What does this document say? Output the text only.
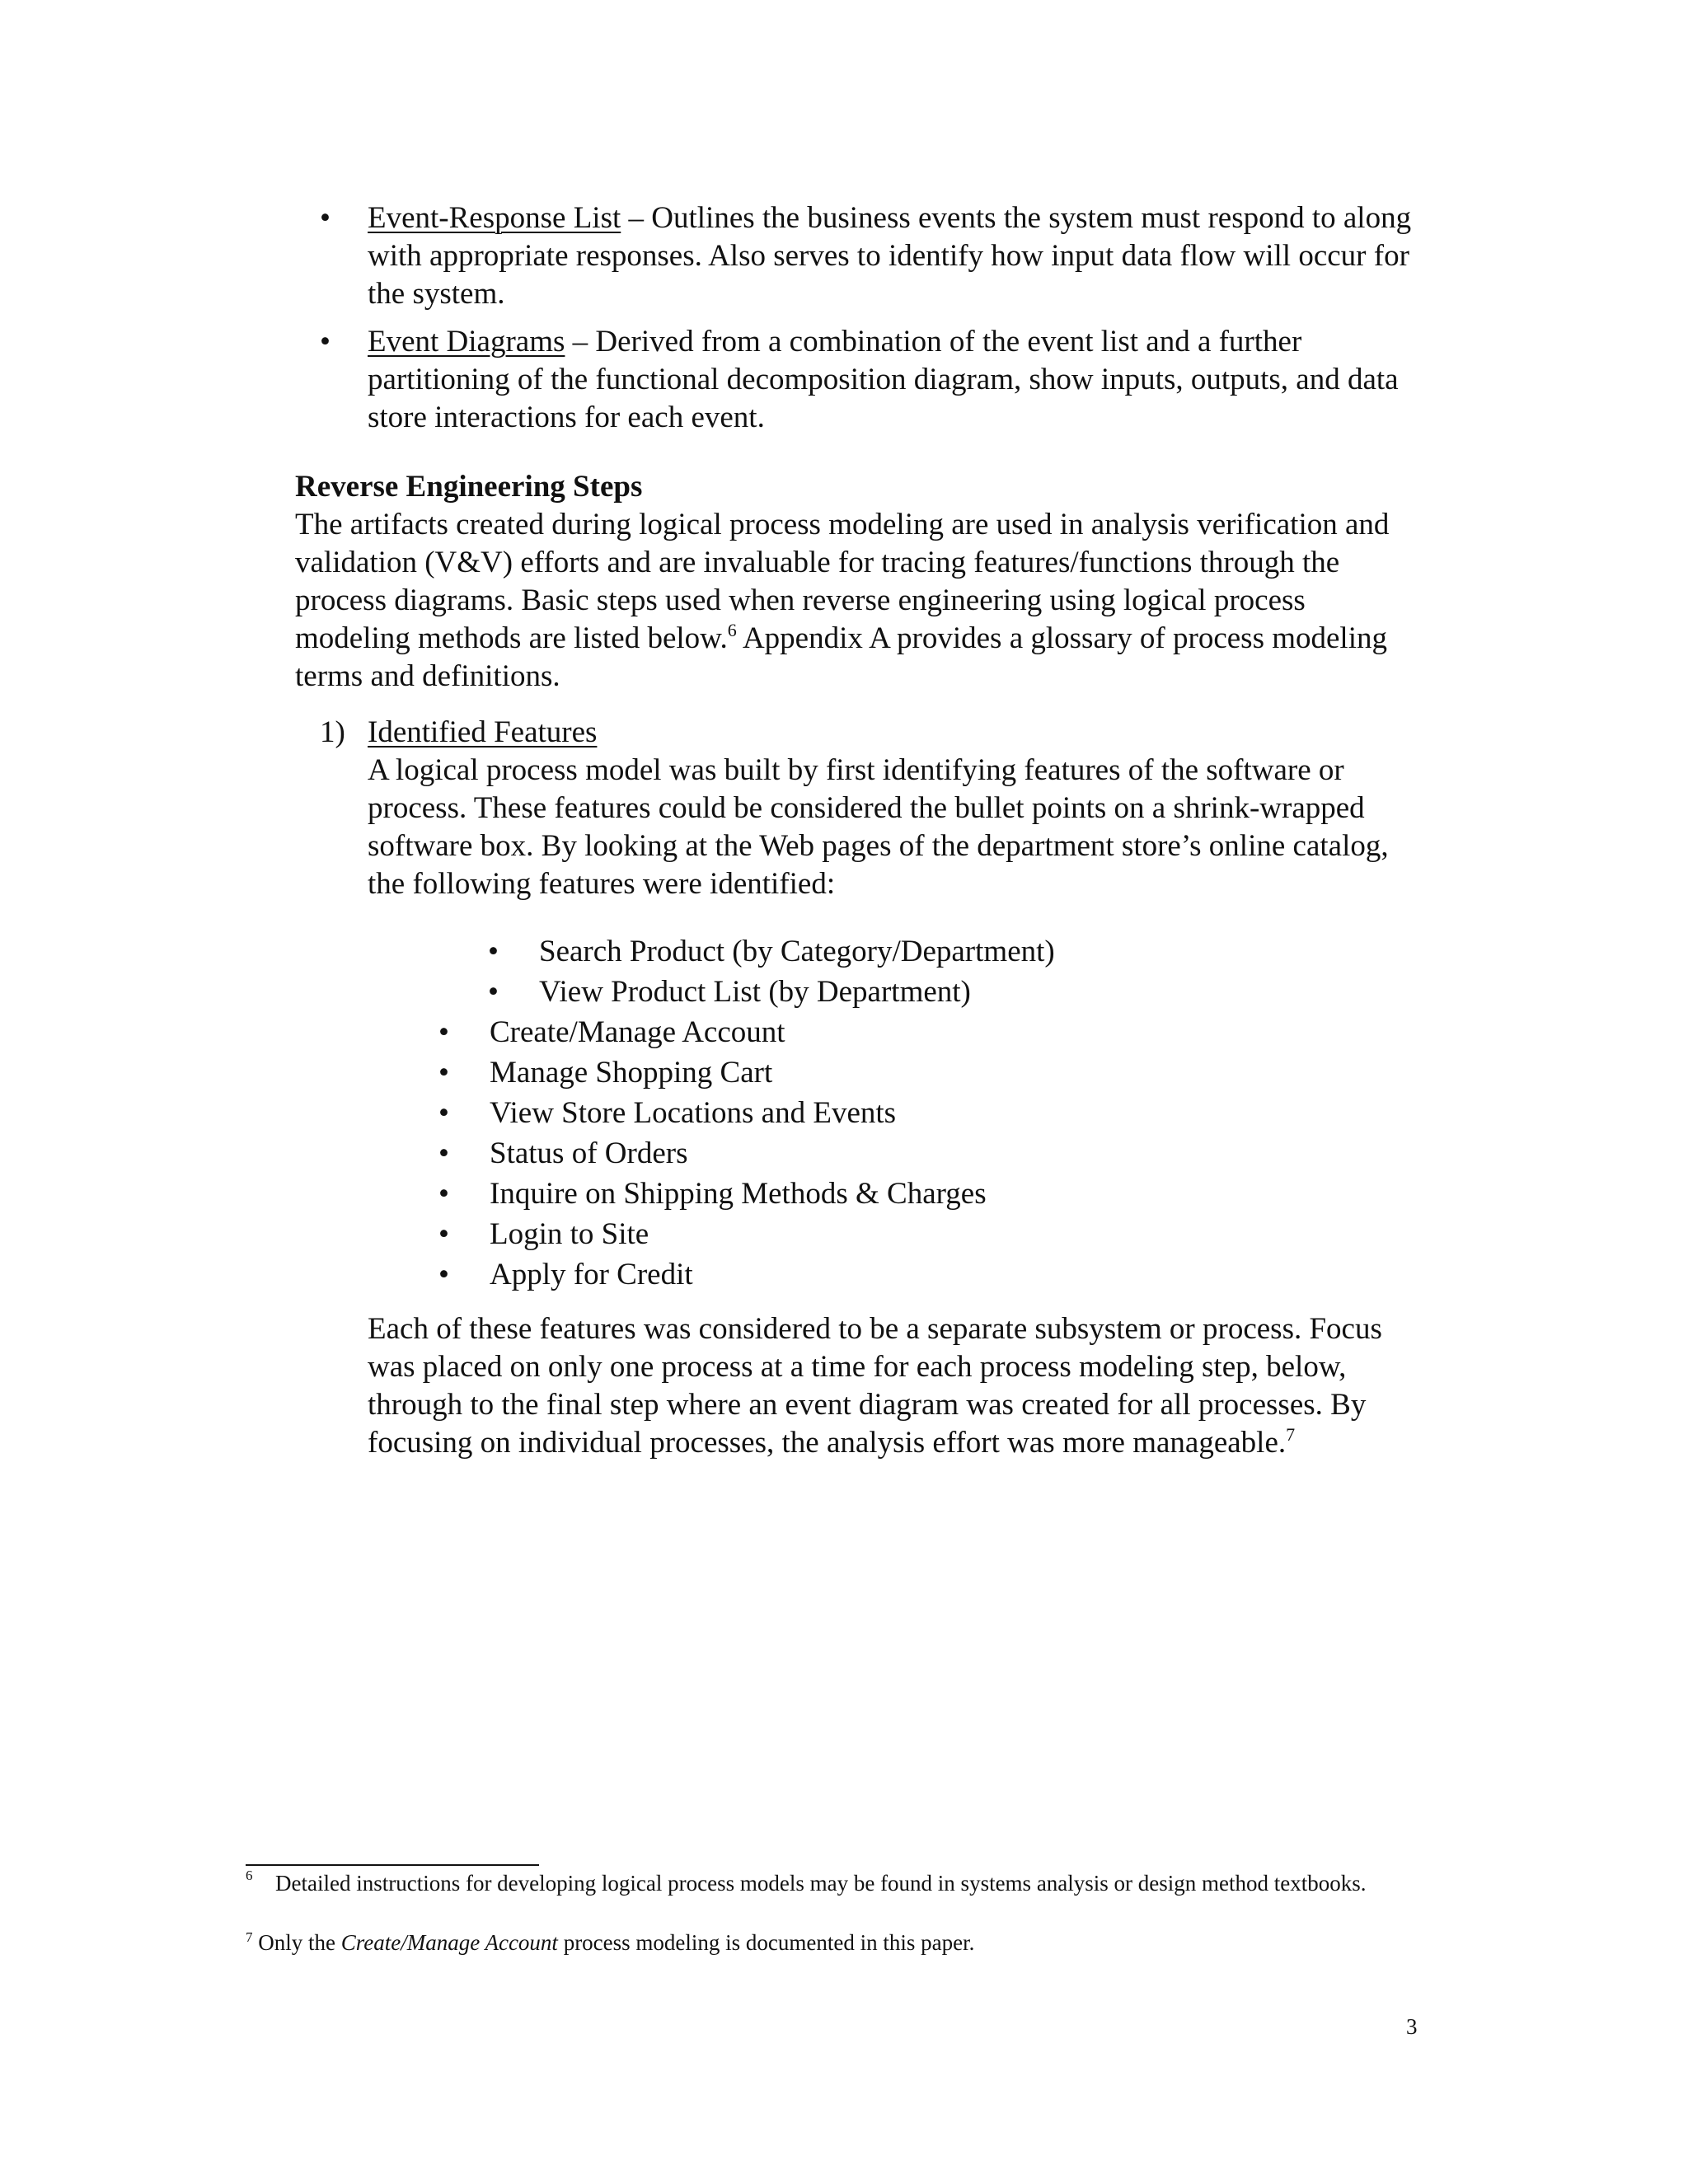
• Event-Response List – Outlines the business events the system must respond to along with appropriate responses. Also serves to identify how input data flow will occur for the system.
• Event Diagrams – Derived from a combination of the event list and a further partitioning of the functional decomposition diagram, show inputs, outputs, and data store interactions for each event.
Reverse Engineering Steps
The artifacts created during logical process modeling are used in analysis verification and validation (V&V) efforts and are invaluable for tracing features/functions through the process diagrams. Basic steps used when reverse engineering using logical process modeling methods are listed below.$^6$ Appendix A provides a glossary of process modeling terms and definitions.
1) Identified Features
A logical process model was built by first identifying features of the software or process. These features could be considered the bullet points on a shrink-wrapped software box. By looking at the Web pages of the department store’s online catalog, the following features were identified:
• Search Product (by Category/Department)
• View Product List (by Department)
• Create/Manage Account
• Manage Shopping Cart
• View Store Locations and Events
• Status of Orders
• Inquire on Shipping Methods & Charges
• Login to Site
• Apply for Credit
Each of these features was considered to be a separate subsystem or process. Focus was placed on only one process at a time for each process modeling step, below, through to the final step where an event diagram was created for all processes. By focusing on individual processes, the analysis effort was more manageable.$^7$
6	Detailed instructions for developing logical process models may be found in systems analysis or design method textbooks.
$^7$ Only the Create/Manage Account process modeling is documented in this paper.
3
